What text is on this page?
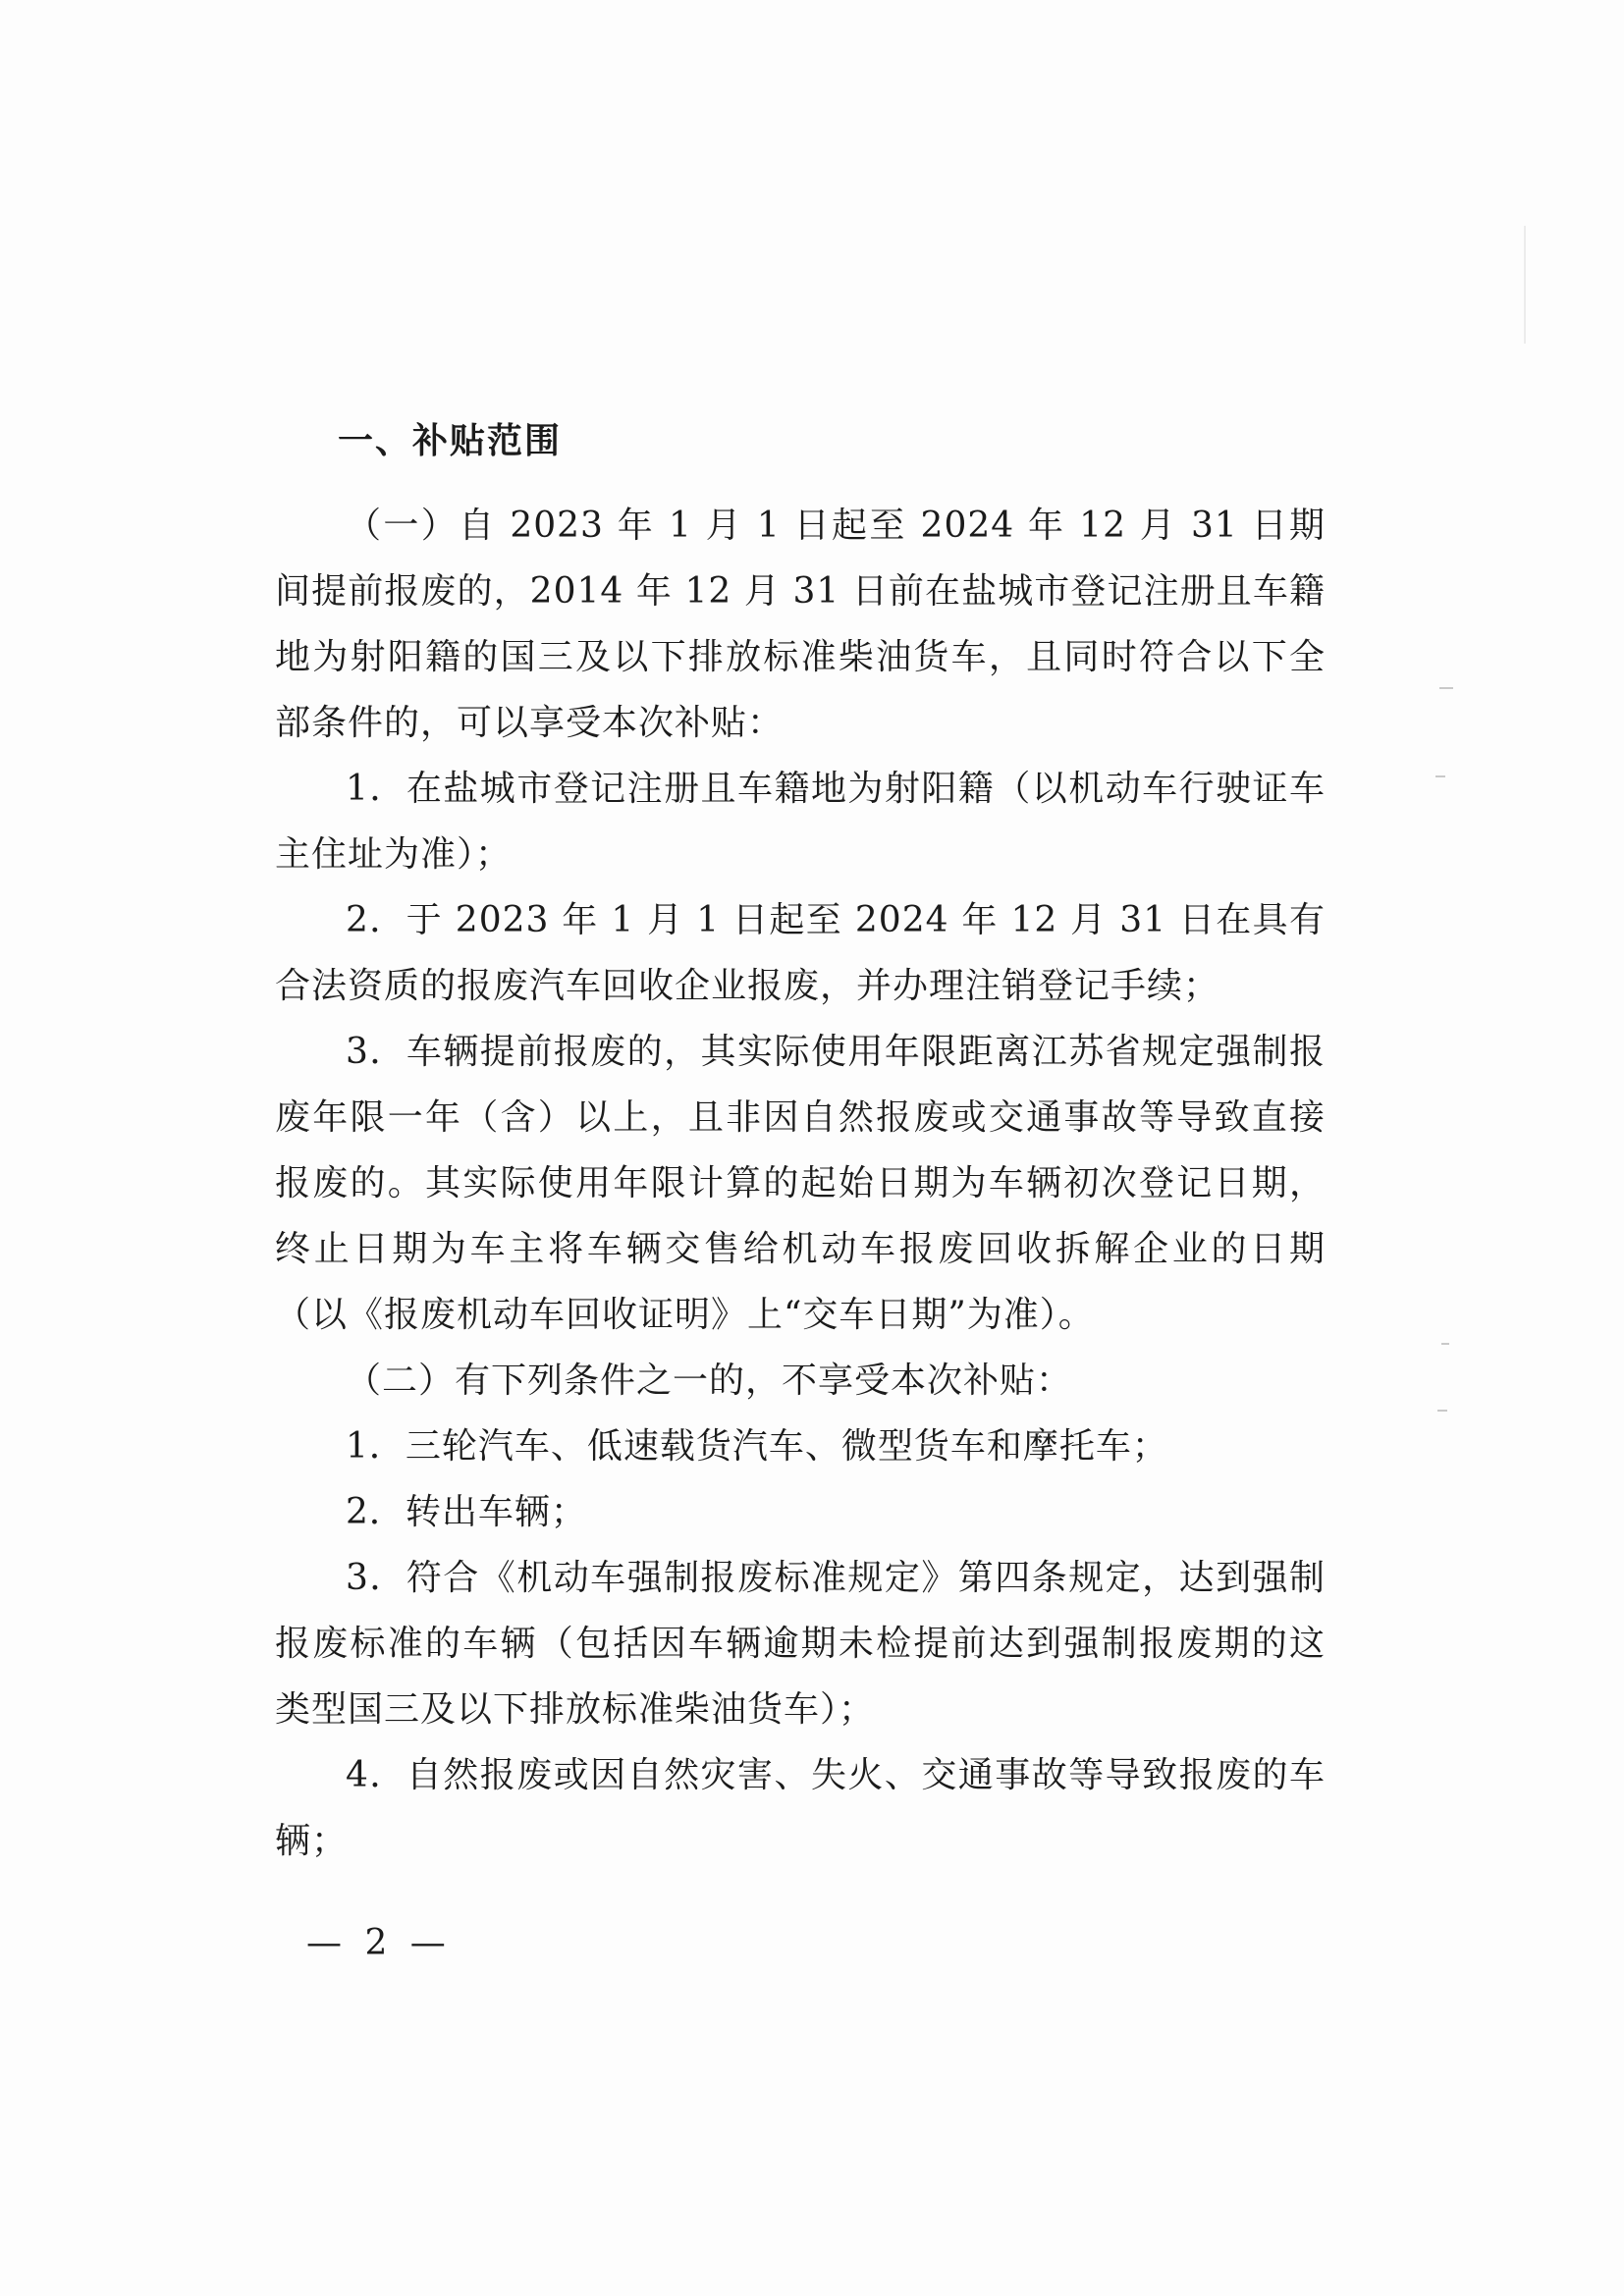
一、补贴范围

（一）自 2023 年 1 月 1 日起至 2024 年 12 月 31 日期间提前报废的，2014 年 12 月 31 日前在盐城市登记注册且车籍地为射阳籍的国三及以下排放标准柴油货车，且同时符合以下全部条件的，可以享受本次补贴：

1．在盐城市登记注册且车籍地为射阳籍（以机动车行驶证车主住址为准）；

2．于 2023 年 1 月 1 日起至 2024 年 12 月 31 日在具有合法资质的报废汽车回收企业报废，并办理注销登记手续；

3．车辆提前报废的，其实际使用年限距离江苏省规定强制报废年限一年（含）以上，且非因自然报废或交通事故等导致直接报废的。其实际使用年限计算的起始日期为车辆初次登记日期，终止日期为车主将车辆交售给机动车报废回收拆解企业的日期（以《报废机动车回收证明》上“交车日期”为准）。

（二）有下列条件之一的，不享受本次补贴：

1．三轮汽车、低速载货汽车、微型货车和摩托车；

2．转出车辆；

3．符合《机动车强制报废标准规定》第四条规定，达到强制报废标准的车辆（包括因车辆逾期未检提前达到强制报废期的这类型国三及以下排放标准柴油货车）；

4．自然报废或因自然灾害、失火、交通事故等导致报废的车辆；

— 2 —
